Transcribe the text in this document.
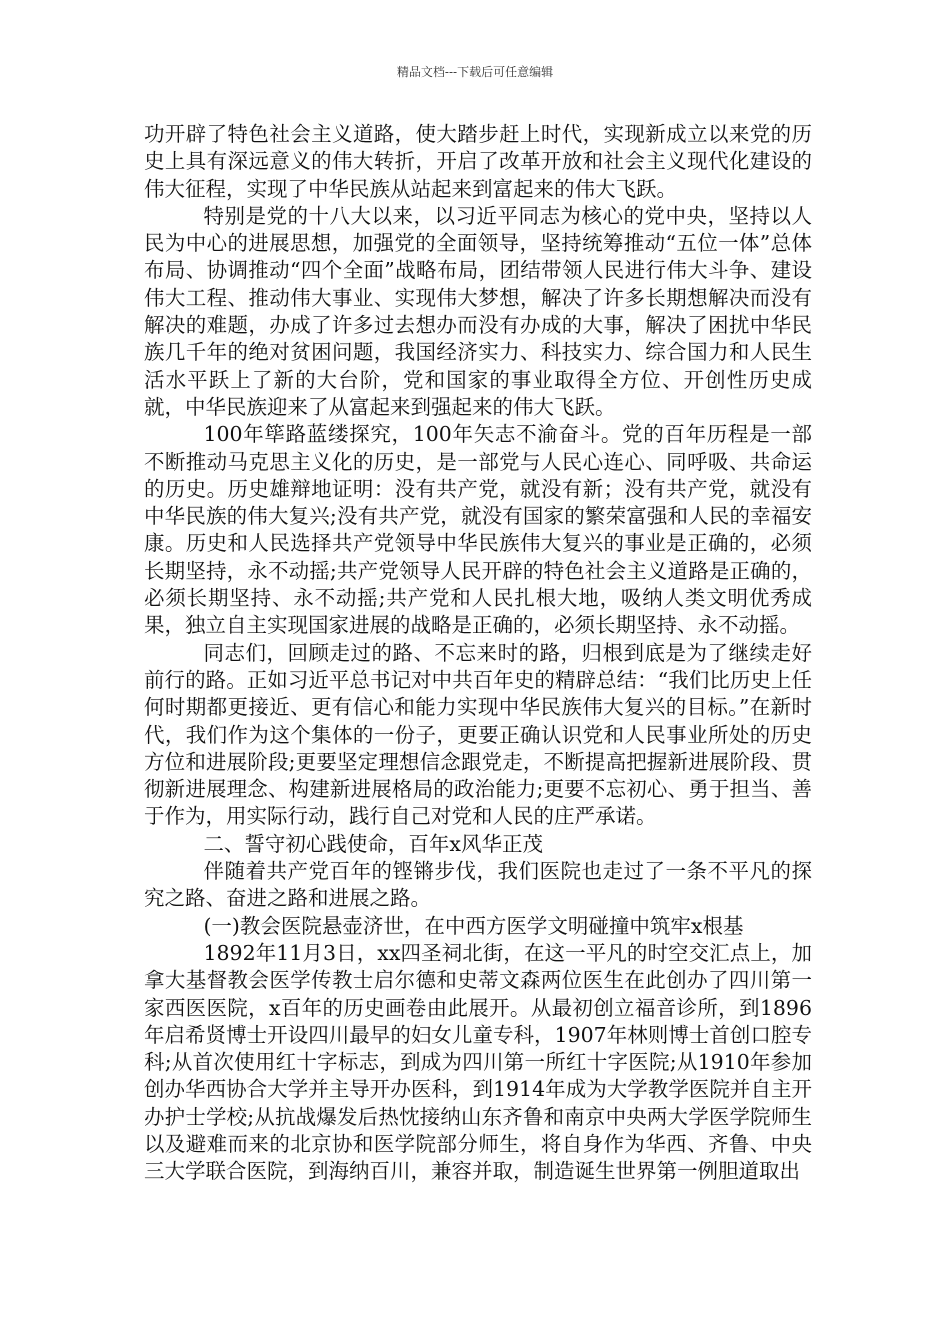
精品文档---下载后可任意编辑

功开辟了特色社会主义道路，使大踏步赶上时代，实现新成立以来党的历史上具有深远意义的伟大转折，开启了改革开放和社会主义现代化建设的伟大征程，实现了中华民族从站起来到富起来的伟大飞跃。

特别是党的十八大以来，以习近平同志为核心的党中央，坚持以人民为中心的进展思想，加强党的全面领导，坚持统筹推动“五位一体”总体布局、协调推动“四个全面”战略布局，团结带领人民进行伟大斗争、建设伟大工程、推动伟大事业、实现伟大梦想，解决了许多长期想解决而没有解决的难题，办成了许多过去想办而没有办成的大事，解决了困扰中华民族几千年的绝对贫困问题，我国经济实力、科技实力、综合国力和人民生活水平跃上了新的大台阶，党和国家的事业取得全方位、开创性历史成就，中华民族迎来了从富起来到强起来的伟大飞跃。

100年筚路蓝缕探究，100年矢志不渝奋斗。党的百年历程是一部不断推动马克思主义化的历史，是一部党与人民心连心、同呼吸、共命运的历史。历史雄辩地证明：没有共产党，就没有新；没有共产党，就没有中华民族的伟大复兴;没有共产党，就没有国家的繁荣富强和人民的幸福安康。历史和人民选择共产党领导中华民族伟大复兴的事业是正确的，必须长期坚持，永不动摇;共产党领导人民开辟的特色社会主义道路是正确的，必须长期坚持、永不动摇;共产党和人民扎根大地，吸纳人类文明优秀成果，独立自主实现国家进展的战略是正确的，必须长期坚持、永不动摇。

同志们，回顾走过的路、不忘来时的路，归根到底是为了继续走好前行的路。正如习近平总书记对中共百年史的精辟总结：“我们比历史上任何时期都更接近、更有信心和能力实现中华民族伟大复兴的目标。”在新时代，我们作为这个集体的一份子，更要正确认识党和人民事业所处的历史方位和进展阶段;更要坚定理想信念跟党走，不断提高把握新进展阶段、贯彻新进展理念、构建新进展格局的政治能力;更要不忘初心、勇于担当、善于作为，用实际行动，践行自己对党和人民的庄严承诺。

二、誓守初心践使命，百年x风华正茂

伴随着共产党百年的铿锵步伐，我们医院也走过了一条不平凡的探究之路、奋进之路和进展之路。

(一)教会医院悬壶济世，在中西方医学文明碰撞中筑牢x根基

1892年11月3日，xx四圣祠北街，在这一平凡的时空交汇点上，加拿大基督教会医学传教士启尔德和史蒂文森两位医生在此创办了四川第一家西医医院，x百年的历史画卷由此展开。从最初创立福音诊所，到1896年启希贤博士开设四川最早的妇女儿童专科，1907年林则博士首创口腔专科;从首次使用红十字标志，到成为四川第一所红十字医院;从1910年参加创办华西协合大学并主导开办医科，到1914年成为大学教学医院并自主开办护士学校;从抗战爆发后热忱接纳山东齐鲁和南京中央两大学医学院师生以及避难而来的北京协和医学院部分师生，将自身作为华西、齐鲁、中央三大学联合医院，到海纳百川，兼容并取，制造诞生世界第一例胆道取出
